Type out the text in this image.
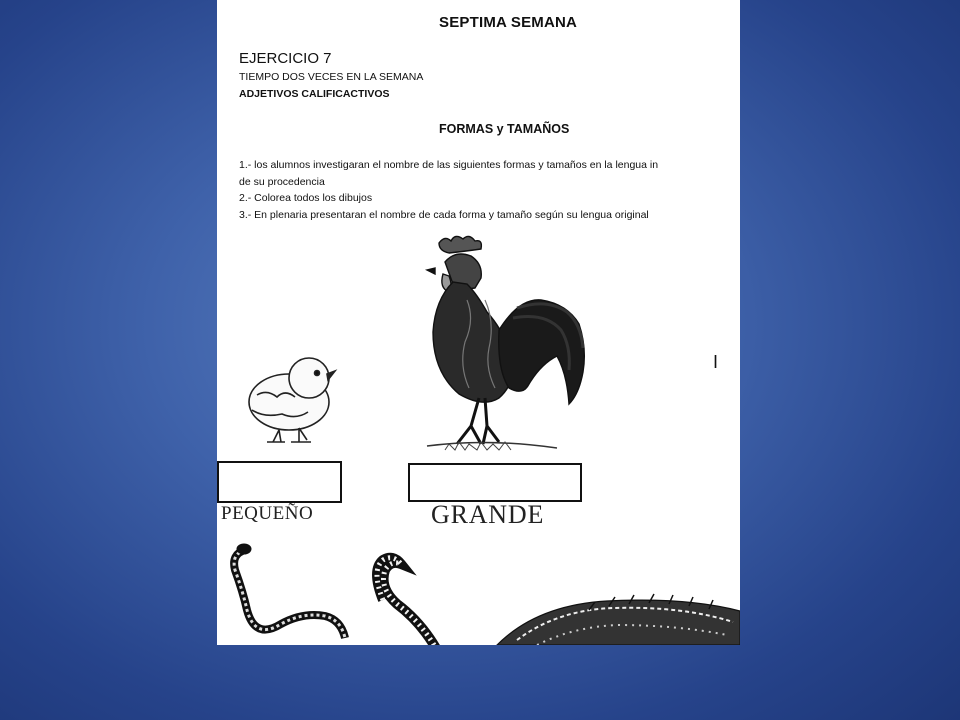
SEPTIMA SEMANA
EJERCICIO 7
TIEMPO DOS VECES EN LA SEMANA
ADJETIVOS CALIFICACTIVOS
FORMAS y TAMAÑOS
1.- los alumnos investigaran el nombre de las siguientes formas y tamaños en la lengua in
de su procedencia
2.- Colorea todos los dibujos
3.- En plenaria presentaran el nombre de cada forma y tamaño según su lengua original
I
PEQUEÑO	GRANDE
